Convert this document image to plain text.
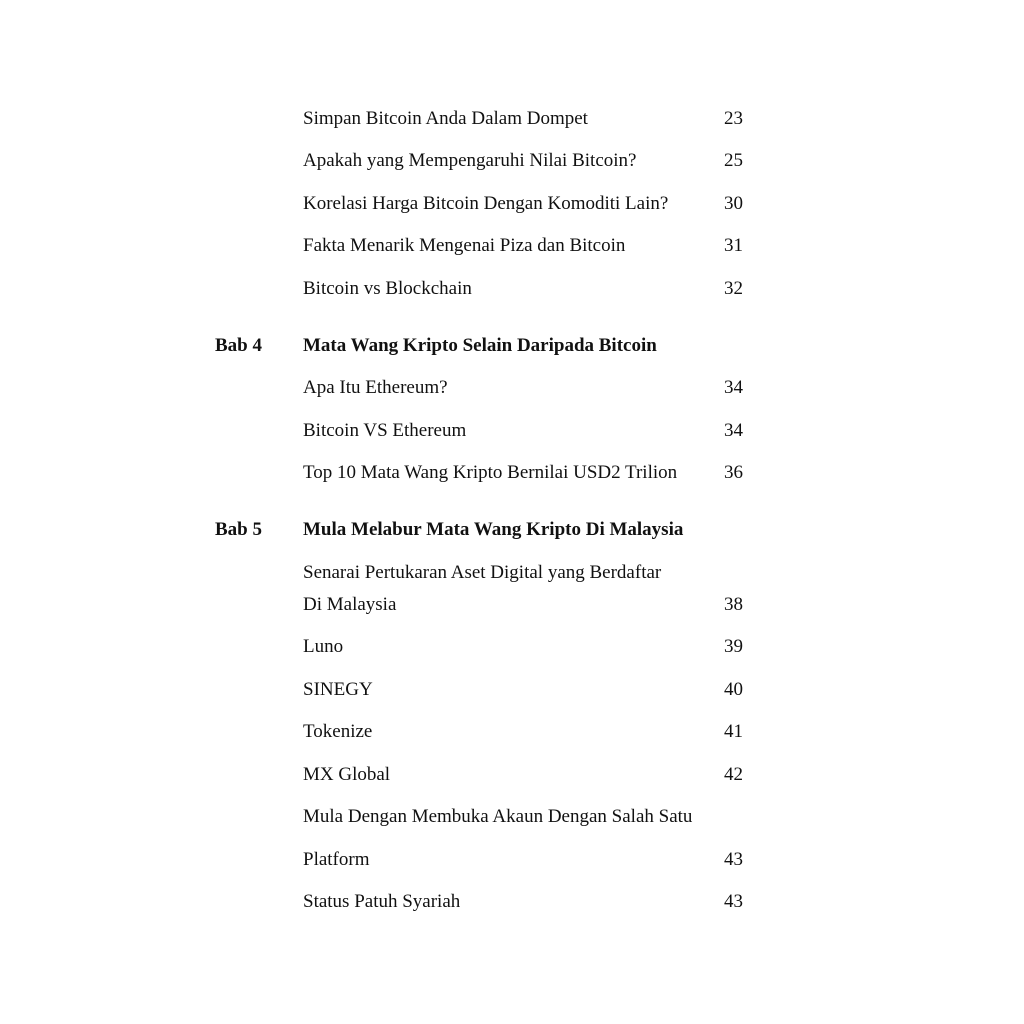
Simpan Bitcoin Anda Dalam Dompet	23
Apakah yang Mempengaruhi Nilai Bitcoin?	25
Korelasi Harga Bitcoin Dengan Komoditi Lain?	30
Fakta Menarik Mengenai Piza dan Bitcoin	31
Bitcoin vs Blockchain	32
Bab 4 Mata Wang Kripto Selain Daripada Bitcoin
Apa Itu Ethereum?	34
Bitcoin VS Ethereum	34
Top 10 Mata Wang Kripto Bernilai USD2 Trilion 36
Bab 5 Mula Melabur Mata Wang Kripto Di Malaysia
Senarai Pertukaran Aset Digital yang Berdaftar
Di Malaysia	38
Luno	39
SINEGY	40
Tokenize	41
MX Global	42
Mula Dengan Membuka Akaun Dengan Salah Satu
Platform	43
Status Patuh Syariah	43
